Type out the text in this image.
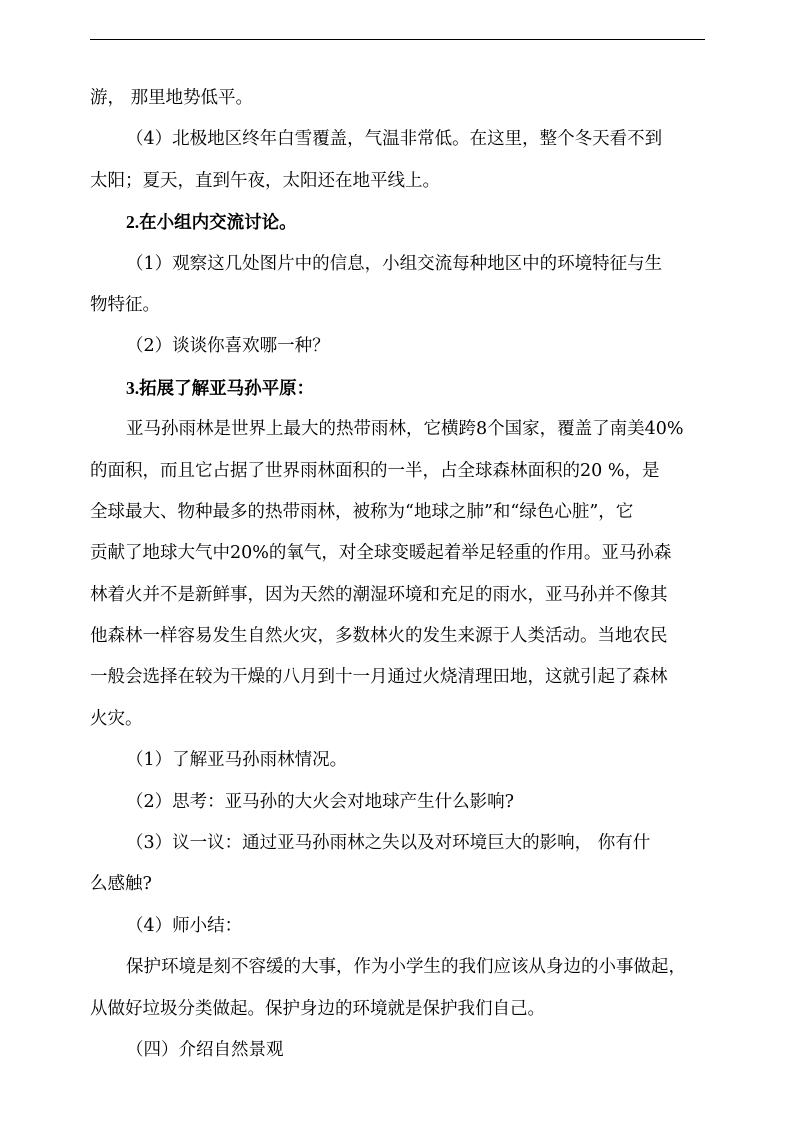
游， 那里地势低平。
（4）北极地区终年白雪覆盖，气温非常低。在这里，整个冬天看不到
太阳；夏天，直到午夜，太阳还在地平线上。
2.在小组内交流讨论。
（1）观察这几处图片中的信息，小组交流每种地区中的环境特征与生
物特征。
（2）谈谈你喜欢哪一种？
3.拓展了解亚马孙平原：
亚马孙雨林是世界上最大的热带雨林，它横跨8个国家，覆盖了南美40%
的面积，而且它占据了世界雨林面积的一半，占全球森林面积的20 %，是
全球最大、物种最多的热带雨林，被称为“地球之肺”和“绿色心脏”，它
贡献了地球大气中20%的氧气，对全球变暖起着举足轻重的作用。亚马孙森
林着火并不是新鲜事，因为天然的潮湿环境和充足的雨水，亚马孙并不像其
他森林一样容易发生自然火灾，多数林火的发生来源于人类活动。当地农民
一般会选择在较为干燥的八月到十一月通过火烧清理田地，这就引起了森林
火灾。
（1）了解亚马孙雨林情况。
（2）思考：亚马孙的大火会对地球产生什么影响?
（3）议一议：通过亚马孙雨林之失以及对环境巨大的影响， 你有什
么感触?
（4）师小结：
保护环境是刻不容缓的大事，作为小学生的我们应该从身边的小事做起，
从做好垃圾分类做起。保护身边的环境就是保护我们自己。
（四）介绍自然景观
